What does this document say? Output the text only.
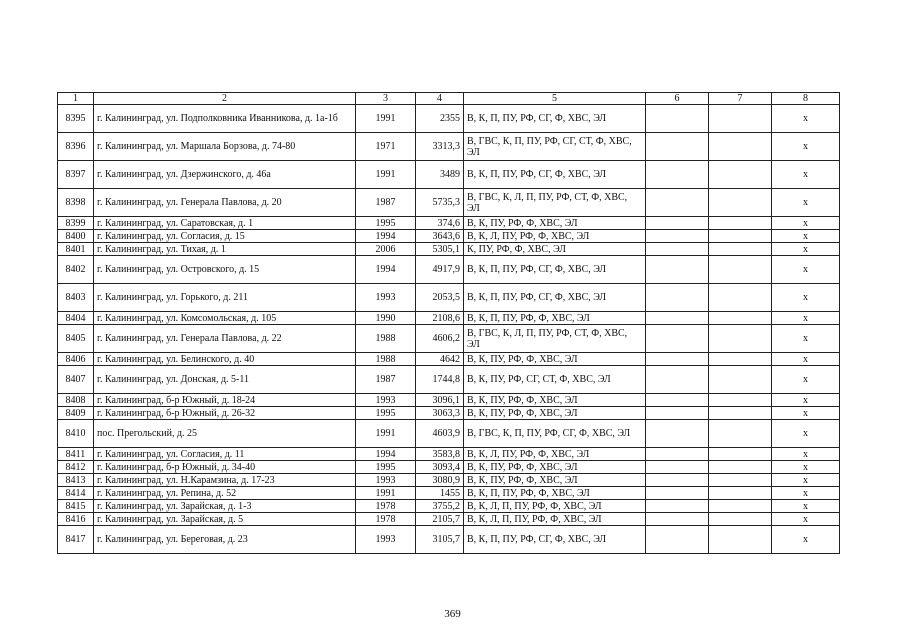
1	2	3	4	5	6	7	8
8395	г. Калининград, ул. Подполковника Иванникова, д. 1а-1б	1991	2355	В, К, П, ПУ, РФ, СГ, Ф, ХВС, ЭЛ			х
8396	г. Калининград, ул. Маршала Борзова, д. 74-80	1971	3313,3	В, ГВС, К, П, ПУ, РФ, СГ, СТ, Ф, ХВС, ЭЛ			х
8397	г. Калининград, ул. Дзержинского, д. 46а	1991	3489	В, К, П, ПУ, РФ, СГ, Ф, ХВС, ЭЛ			х
8398	г. Калининград, ул. Генерала Павлова, д. 20	1987	5735,3	В, ГВС, К, Л, П, ПУ, РФ, СТ, Ф, ХВС, ЭЛ			х
8399	г. Калининград, ул. Саратовская, д. 1	1995	374,6	В, К, ПУ, РФ, Ф, ХВС, ЭЛ			х
8400	г. Калининград, ул. Согласия, д. 15	1994	3643,6	В, К, Л, ПУ, РФ, Ф, ХВС, ЭЛ			х
8401	г. Калининград, ул. Тихая, д. 1	2006	5305,1	К, ПУ, РФ, Ф, ХВС, ЭЛ			х
8402	г. Калининград, ул. Островского, д. 15	1994	4917,9	В, К, П, ПУ, РФ, СГ, Ф, ХВС, ЭЛ			х
8403	г. Калининград, ул. Горького, д. 211	1993	2053,5	В, К, П, ПУ, РФ, СГ, Ф, ХВС, ЭЛ			х
8404	г. Калининград, ул. Комсомольская, д. 105	1990	2108,6	В, К, П, ПУ, РФ, Ф, ХВС, ЭЛ			х
8405	г. Калининград, ул. Генерала Павлова, д. 22	1988	4606,2	В, ГВС, К, Л, П, ПУ, РФ, СТ, Ф, ХВС, ЭЛ			х
8406	г. Калининград, ул. Белинского, д. 40	1988	4642	В, К, ПУ, РФ, Ф, ХВС, ЭЛ			х
8407	г. Калининград, ул. Донская, д. 5-11	1987	1744,8	В, К, ПУ, РФ, СГ, СТ, Ф, ХВС, ЭЛ			х
8408	г. Калининград, б-р Южный, д. 18-24	1993	3096,1	В, К, ПУ, РФ, Ф, ХВС, ЭЛ			х
8409	г. Калининград, б-р Южный, д. 26-32	1995	3063,3	В, К, ПУ, РФ, Ф, ХВС, ЭЛ			х
8410	пос. Прегольский, д. 25	1991	4603,9	В, ГВС, К, П, ПУ, РФ, СГ, Ф, ХВС, ЭЛ			х
8411	г. Калининград, ул. Согласия, д. 11	1994	3583,8	В, К, Л, ПУ, РФ, Ф, ХВС, ЭЛ			х
8412	г. Калининград, б-р Южный, д. 34-40	1995	3093,4	В, К, ПУ, РФ, Ф, ХВС, ЭЛ			х
8413	г. Калининград, ул. Н.Карамзина, д. 17-23	1993	3080,9	В, К, ПУ, РФ, Ф, ХВС, ЭЛ			х
8414	г. Калининград, ул. Репина, д. 52	1991	1455	В, К, П, ПУ, РФ, Ф, ХВС, ЭЛ			х
8415	г. Калининград, ул. Зарайская, д. 1-3	1978	3755,2	В, К, Л, П, ПУ, РФ, Ф, ХВС, ЭЛ			х
8416	г. Калининград, ул. Зарайская, д. 5	1978	2105,7	В, К, Л, П, ПУ, РФ, Ф, ХВС, ЭЛ			х
8417	г. Калининград, ул. Береговая, д. 23	1993	3105,7	В, К, П, ПУ, РФ, СГ, Ф, ХВС, ЭЛ			х
369
